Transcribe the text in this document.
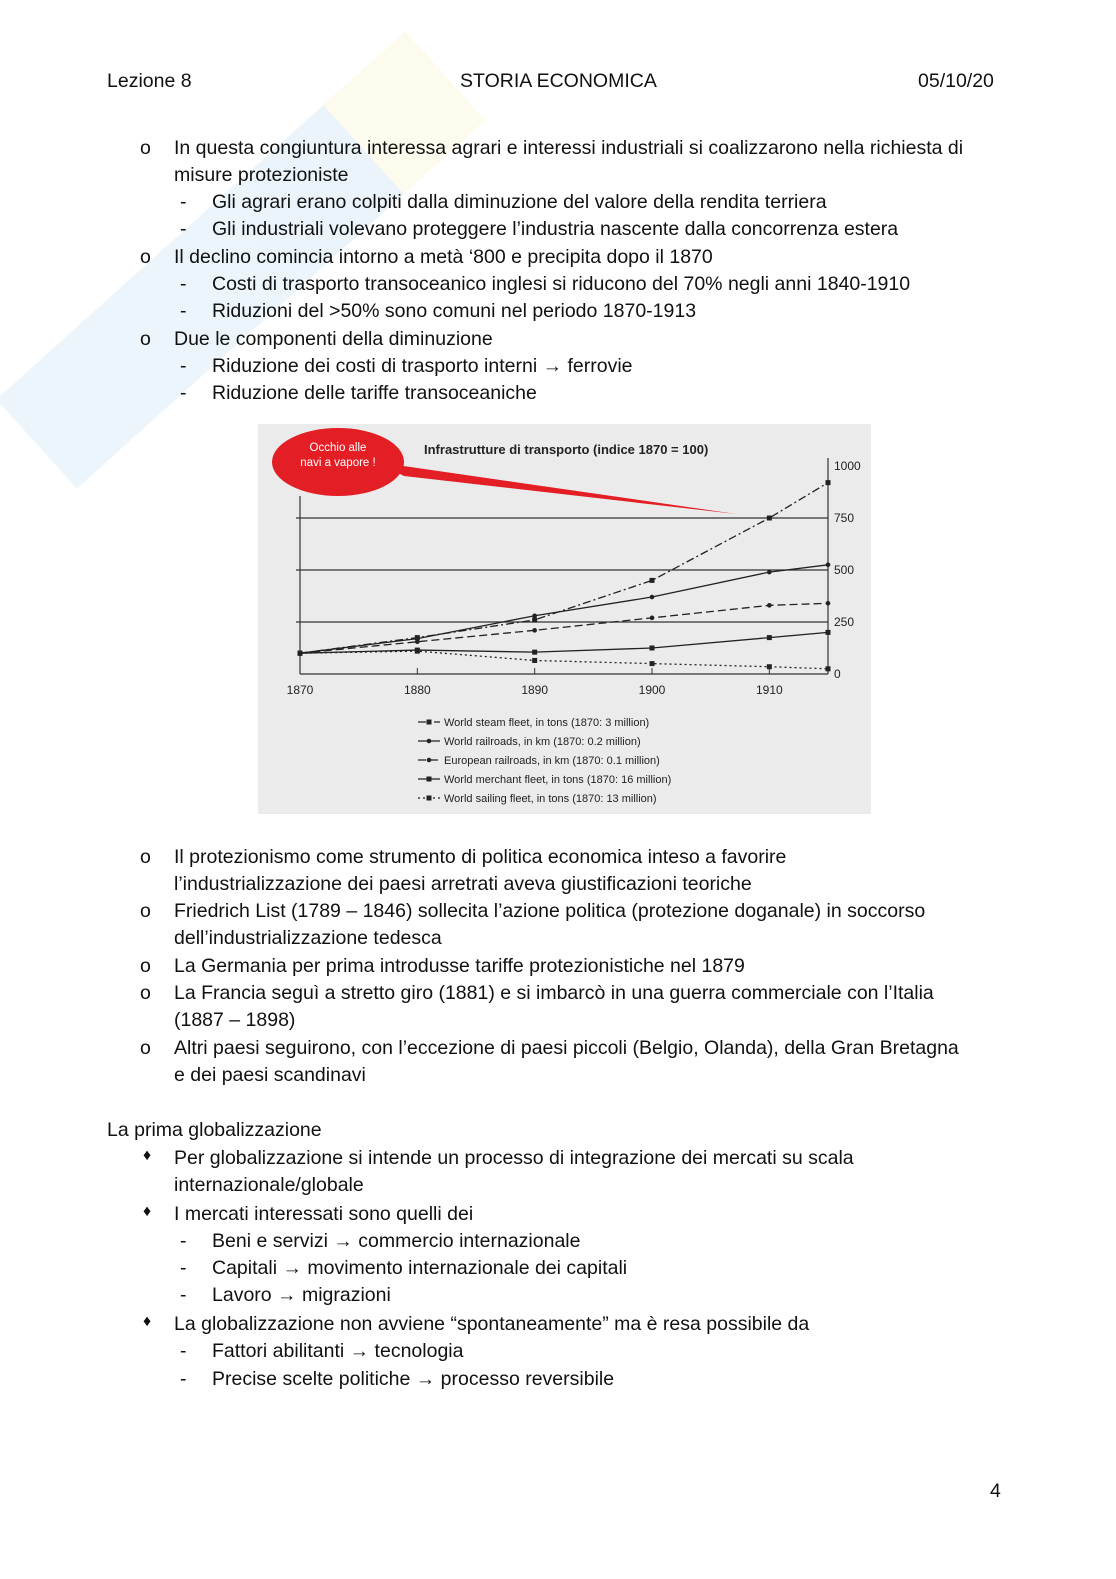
Lezione 8	STORIA ECONOMICA	05/10/20
o In questa congiuntura interessa agrari e interessi industriali si coalizzarono nella richiesta di
misure protezioniste
- Gli agrari erano colpiti dalla diminuzione del valore della rendita terriera
- Gli industriali volevano proteggere l’industria nascente dalla concorrenza estera
o Il declino comincia intorno a metà ‘800 e precipita dopo il 1870
- Costi di trasporto transoceanico inglesi si riducono del 70% negli anni 1840-1910
- Riduzioni del >50% sono comuni nel periodo 1870-1913
o Due le componenti della diminuzione
- Riduzione dei costi di trasporto interni → ferrovie
- Riduzione delle tariffe transoceaniche
Occhio alle
navi a vapore !
Infrastrutture di transporto (indice 1870 = 100)
1870	1880	1890	1900	1910
0
250
500
750
1000
World steam fleet, in tons (1870: 3 million)
World railroads, in km (1870: 0.2 million)
European railroads, in km (1870: 0.1 million)
World merchant fleet, in tons (1870: 16 million)
World sailing fleet, in tons (1870: 13 million)
o Il protezionismo come strumento di politica economica inteso a favorire
l’industrializzazione dei paesi arretrati aveva giustificazioni teoriche
o Friedrich List (1789 – 1846) sollecita l’azione politica (protezione doganale) in soccorso
dell’industrializzazione tedesca
o La Germania per prima introdusse tariffe protezionistiche nel 1879
o La Francia seguì a stretto giro (1881) e si imbarcò in una guerra commerciale con l’Italia
(1887 – 1898)
o Altri paesi seguirono, con l’eccezione di paesi piccoli (Belgio, Olanda), della Gran Bretagna
e dei paesi scandinavi
La prima globalizzazione
♦ Per globalizzazione si intende un processo di integrazione dei mercati su scala
internazionale/globale
♦ I mercati interessati sono quelli dei
- Beni e servizi → commercio internazionale
- Capitali → movimento internazionale dei capitali
- Lavoro → migrazioni
♦ La globalizzazione non avviene “spontaneamente” ma è resa possibile da
- Fattori abilitanti → tecnologia
- Precise scelte politiche → processo reversibile
4
